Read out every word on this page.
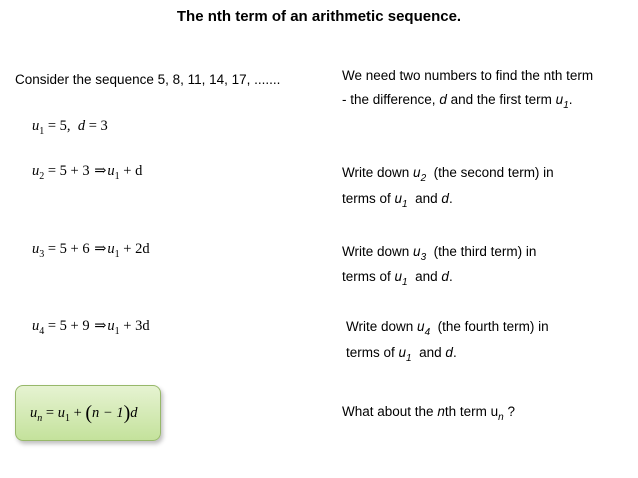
The nth term of an arithmetic sequence.
Consider the sequence 5, 8, 11, 14, 17, .......
$u_1 = 5$, d = 3
$u_2 = 5 + 3$ $\Rightarrow u_1 + d$
$u_3 = 5 + 6$ $\Rightarrow u_1 + 2d$
$u_4 = 5 + 9$ $\Rightarrow u_1 + 3d$
$u_n = u_1 + (n - 1)d$
We need two numbers to find the nth term
- the difference, d and the first term $u_1$.
Write down $u_2$ (the second term) in
terms of $u_1$ and d.
Write down $u_3$ (the third term) in
terms of $u_1$ and d.
Write down $u_4$ (the fourth term) in
terms of $u_1$ and d.
What about the nth term $u_n$ ?
